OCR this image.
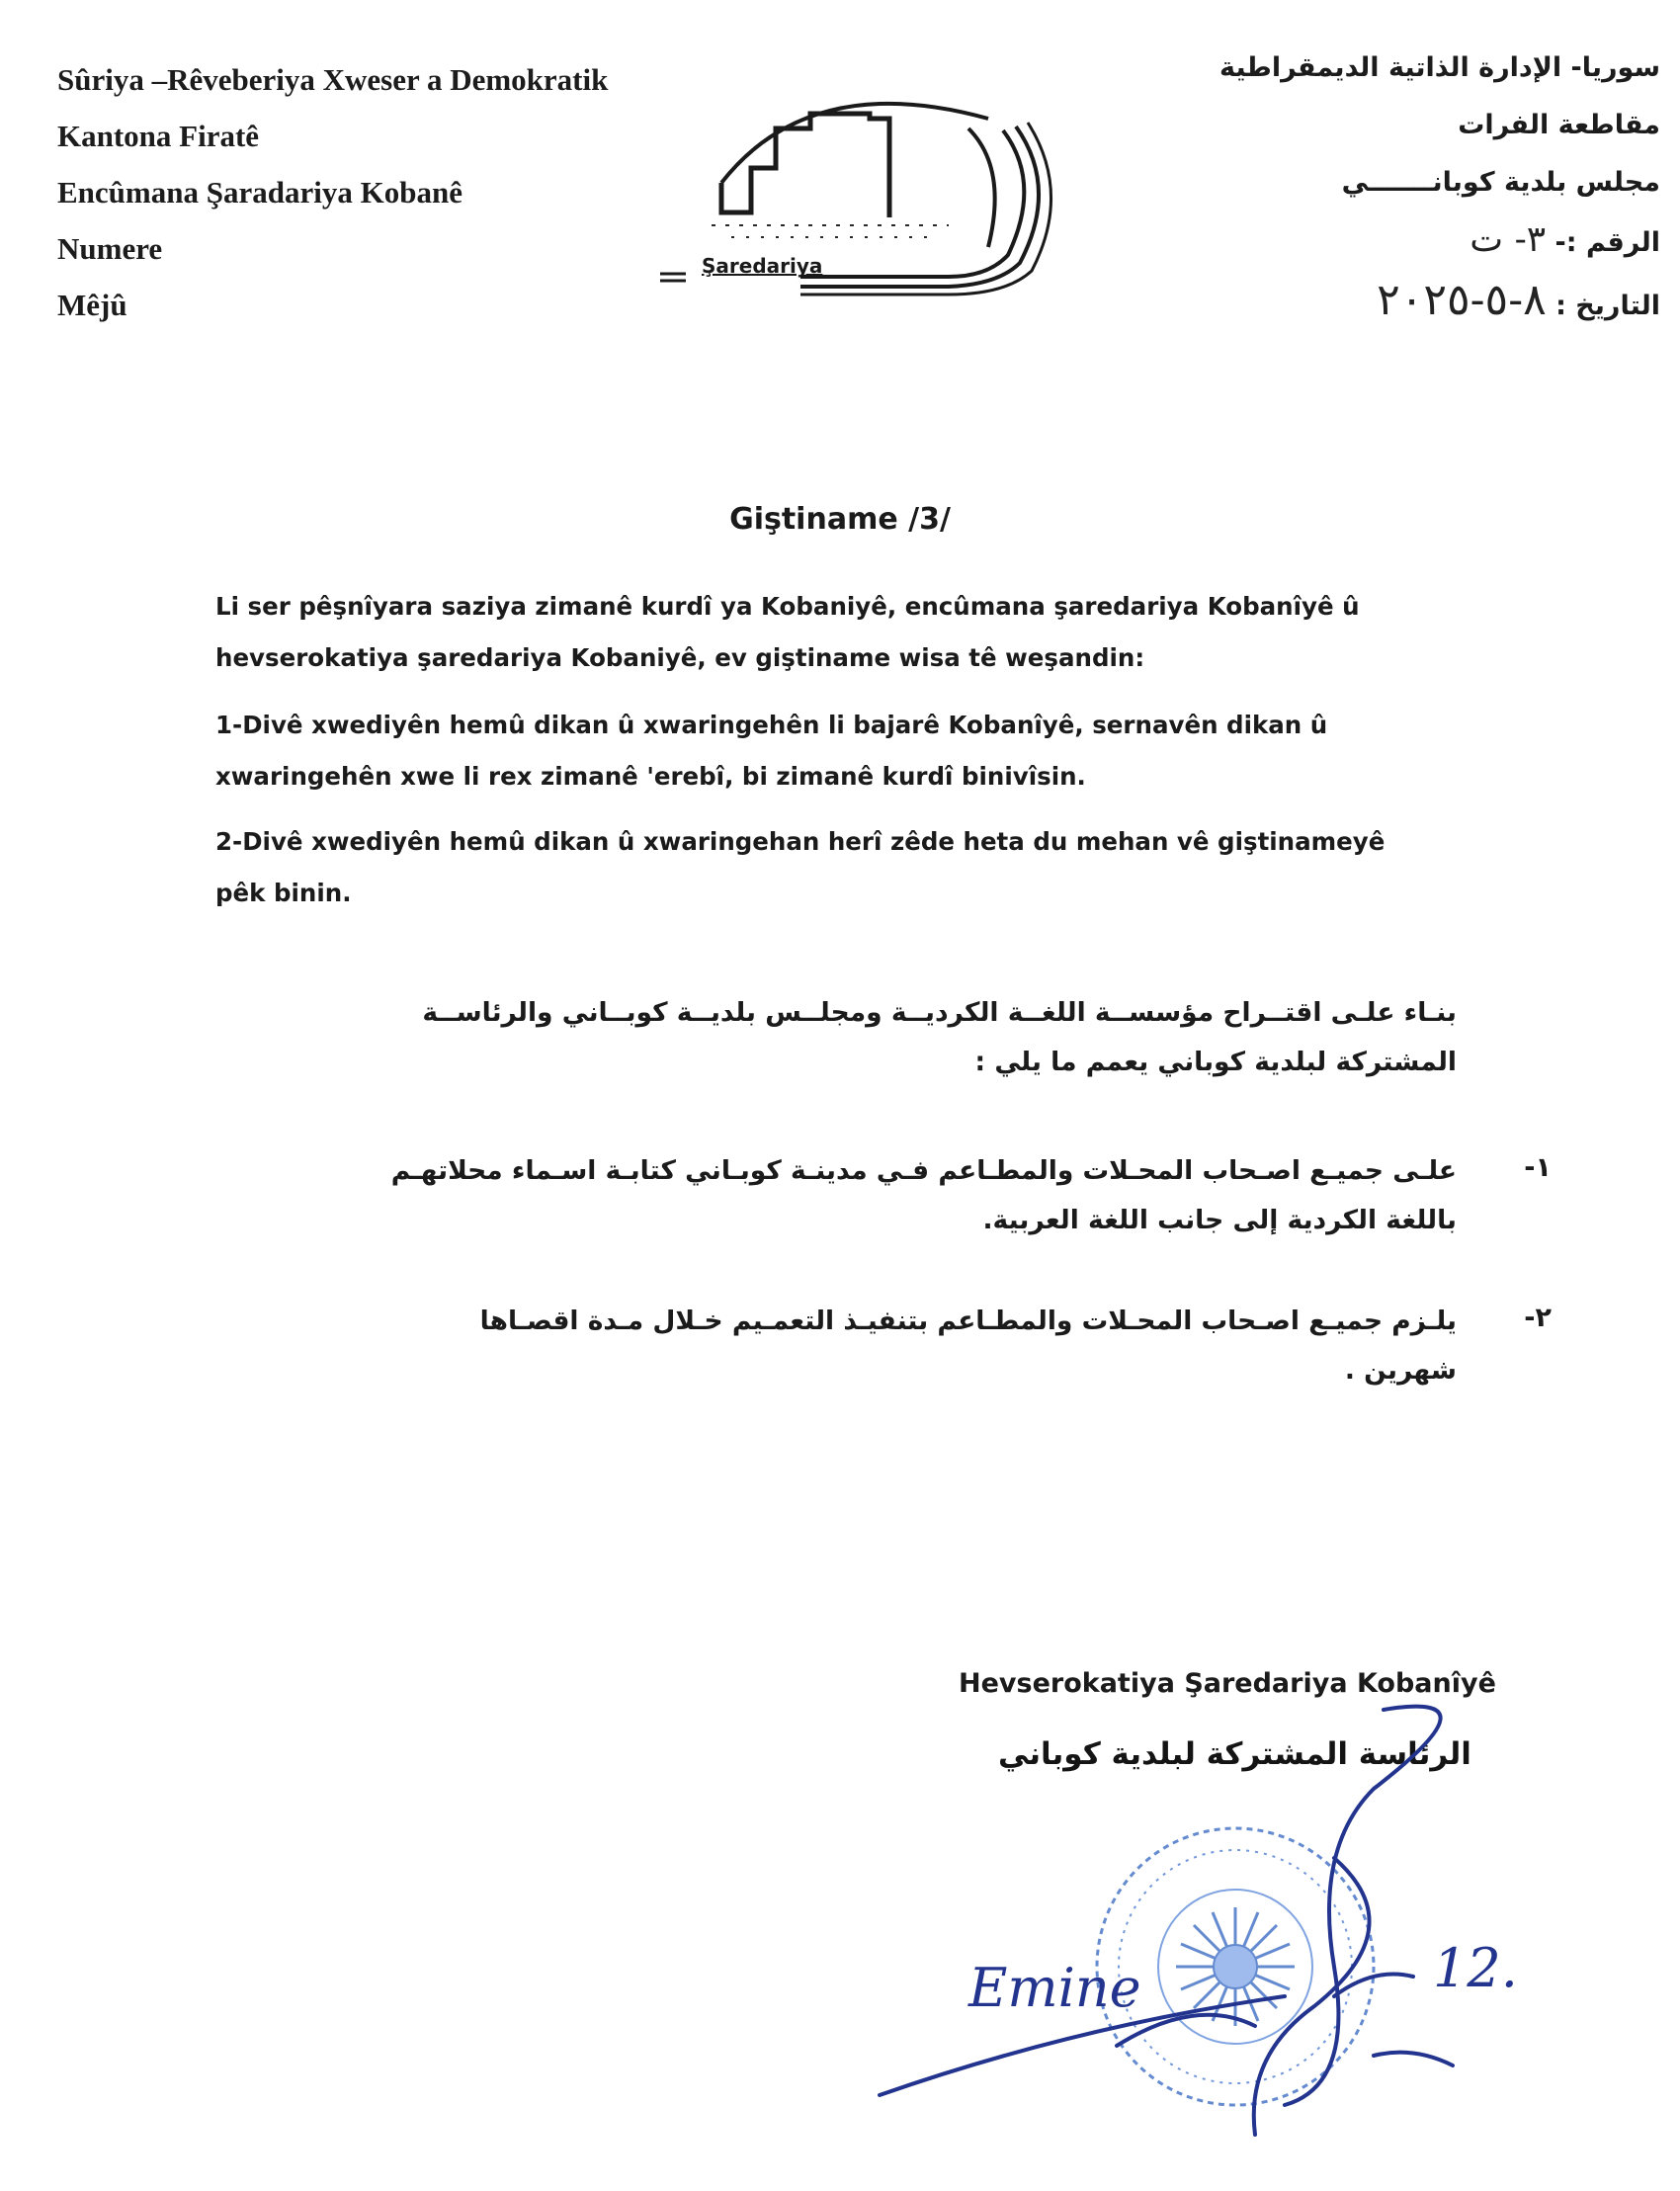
Sûriya –Rêveberiya Xweser a Demokratik
Kantona Firatê
Encûmana Şaradariya Kobanê
Numere
Mêjû
Şaredariya
سوريا- الإدارة الذاتية الديمقراطية
مقاطعة الفرات
مجلس بلدية كوبانـــــــي
الرقم :- ٣- ت
التاريخ : ٨-٥-٢٠٢٥
Giştiname /3/
Li ser pêşnîyara saziya zimanê kurdî ya Kobaniyê, encûmana şaredariya Kobanîyê û
hevserokatiya şaredariya Kobaniyê, ev giştiname wisa tê weşandin:
1-Divê xwediyên hemû dikan û xwaringehên li bajarê Kobanîyê, sernavên dikan û
xwaringehên xwe li rex zimanê 'erebî, bi zimanê kurdî binivîsin.
2-Divê xwediyên hemû dikan û xwaringehan herî zêde heta du mehan vê giştinameyê
pêk binin.
بنـاء علـى اقتــراح مؤسســة اللغــة الكرديــة ومجلــس بلديــة كوبــاني والرئاســة
المشتركة لبلدية كوباني يعمم ما يلي :
١-
علـى جميـع اصـحاب المحـلات والمطـاعم فـي مدينـة كوبـاني كتابـة اسـماء محلاتهـم
باللغة الكردية إلى جانب اللغة العربية.
٢-
يلـزم جميـع اصـحاب المحـلات والمطـاعم بتنفيـذ التعمـيم خـلال مـدة اقصـاها
شهرين .
Hevserokatiya Şaredariya Kobanîyê
الرئاسة المشتركة لبلدية كوباني
Emine	12.
